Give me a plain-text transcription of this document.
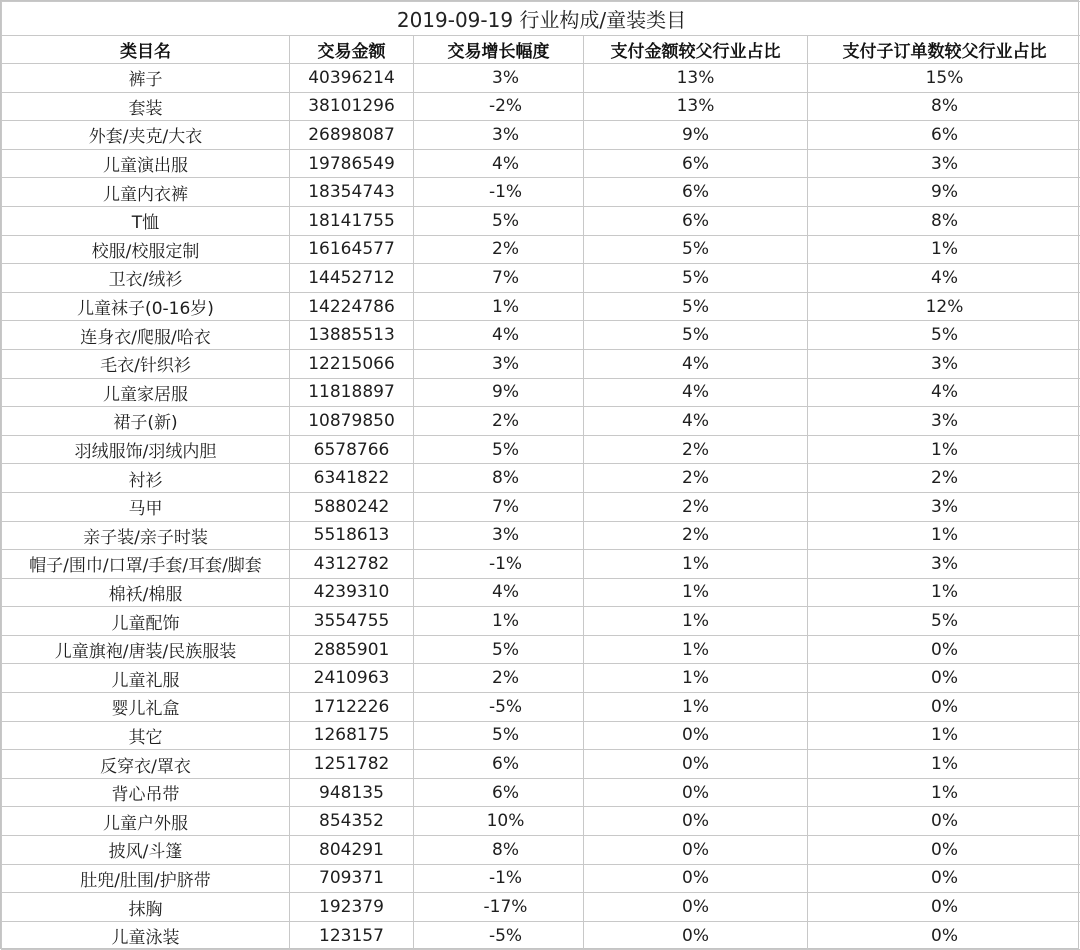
2019-09-19 行业构成/童装类目				
类目名	交易金额	交易增长幅度	支付金额较父行业占比	支付子订单数较父行业占比
裤子	40396214	3%	13%	15%
套装	38101296	-2%	13%	8%
外套/夹克/大衣	26898087	3%	9%	6%
儿童演出服	19786549	4%	6%	3%
儿童内衣裤	18354743	-1%	6%	9%
T恤	18141755	5%	6%	8%
校服/校服定制	16164577	2%	5%	1%
卫衣/绒衫	14452712	7%	5%	4%
儿童袜子(0-16岁)	14224786	1%	5%	12%
连身衣/爬服/哈衣	13885513	4%	5%	5%
毛衣/针织衫	12215066	3%	4%	3%
儿童家居服	11818897	9%	4%	4%
裙子(新)	10879850	2%	4%	3%
羽绒服饰/羽绒内胆	6578766	5%	2%	1%
衬衫	6341822	8%	2%	2%
马甲	5880242	7%	2%	3%
亲子装/亲子时装	5518613	3%	2%	1%
帽子/围巾/口罩/手套/耳套/脚套	4312782	-1%	1%	3%
棉袄/棉服	4239310	4%	1%	1%
儿童配饰	3554755	1%	1%	5%
儿童旗袍/唐装/民族服装	2885901	5%	1%	0%
儿童礼服	2410963	2%	1%	0%
婴儿礼盒	1712226	-5%	1%	0%
其它	1268175	5%	0%	1%
反穿衣/罩衣	1251782	6%	0%	1%
背心吊带	948135	6%	0%	1%
儿童户外服	854352	10%	0%	0%
披风/斗篷	804291	8%	0%	0%
肚兜/肚围/护脐带	709371	-1%	0%	0%
抹胸	192379	-17%	0%	0%
儿童泳装	123157	-5%	0%	0%
